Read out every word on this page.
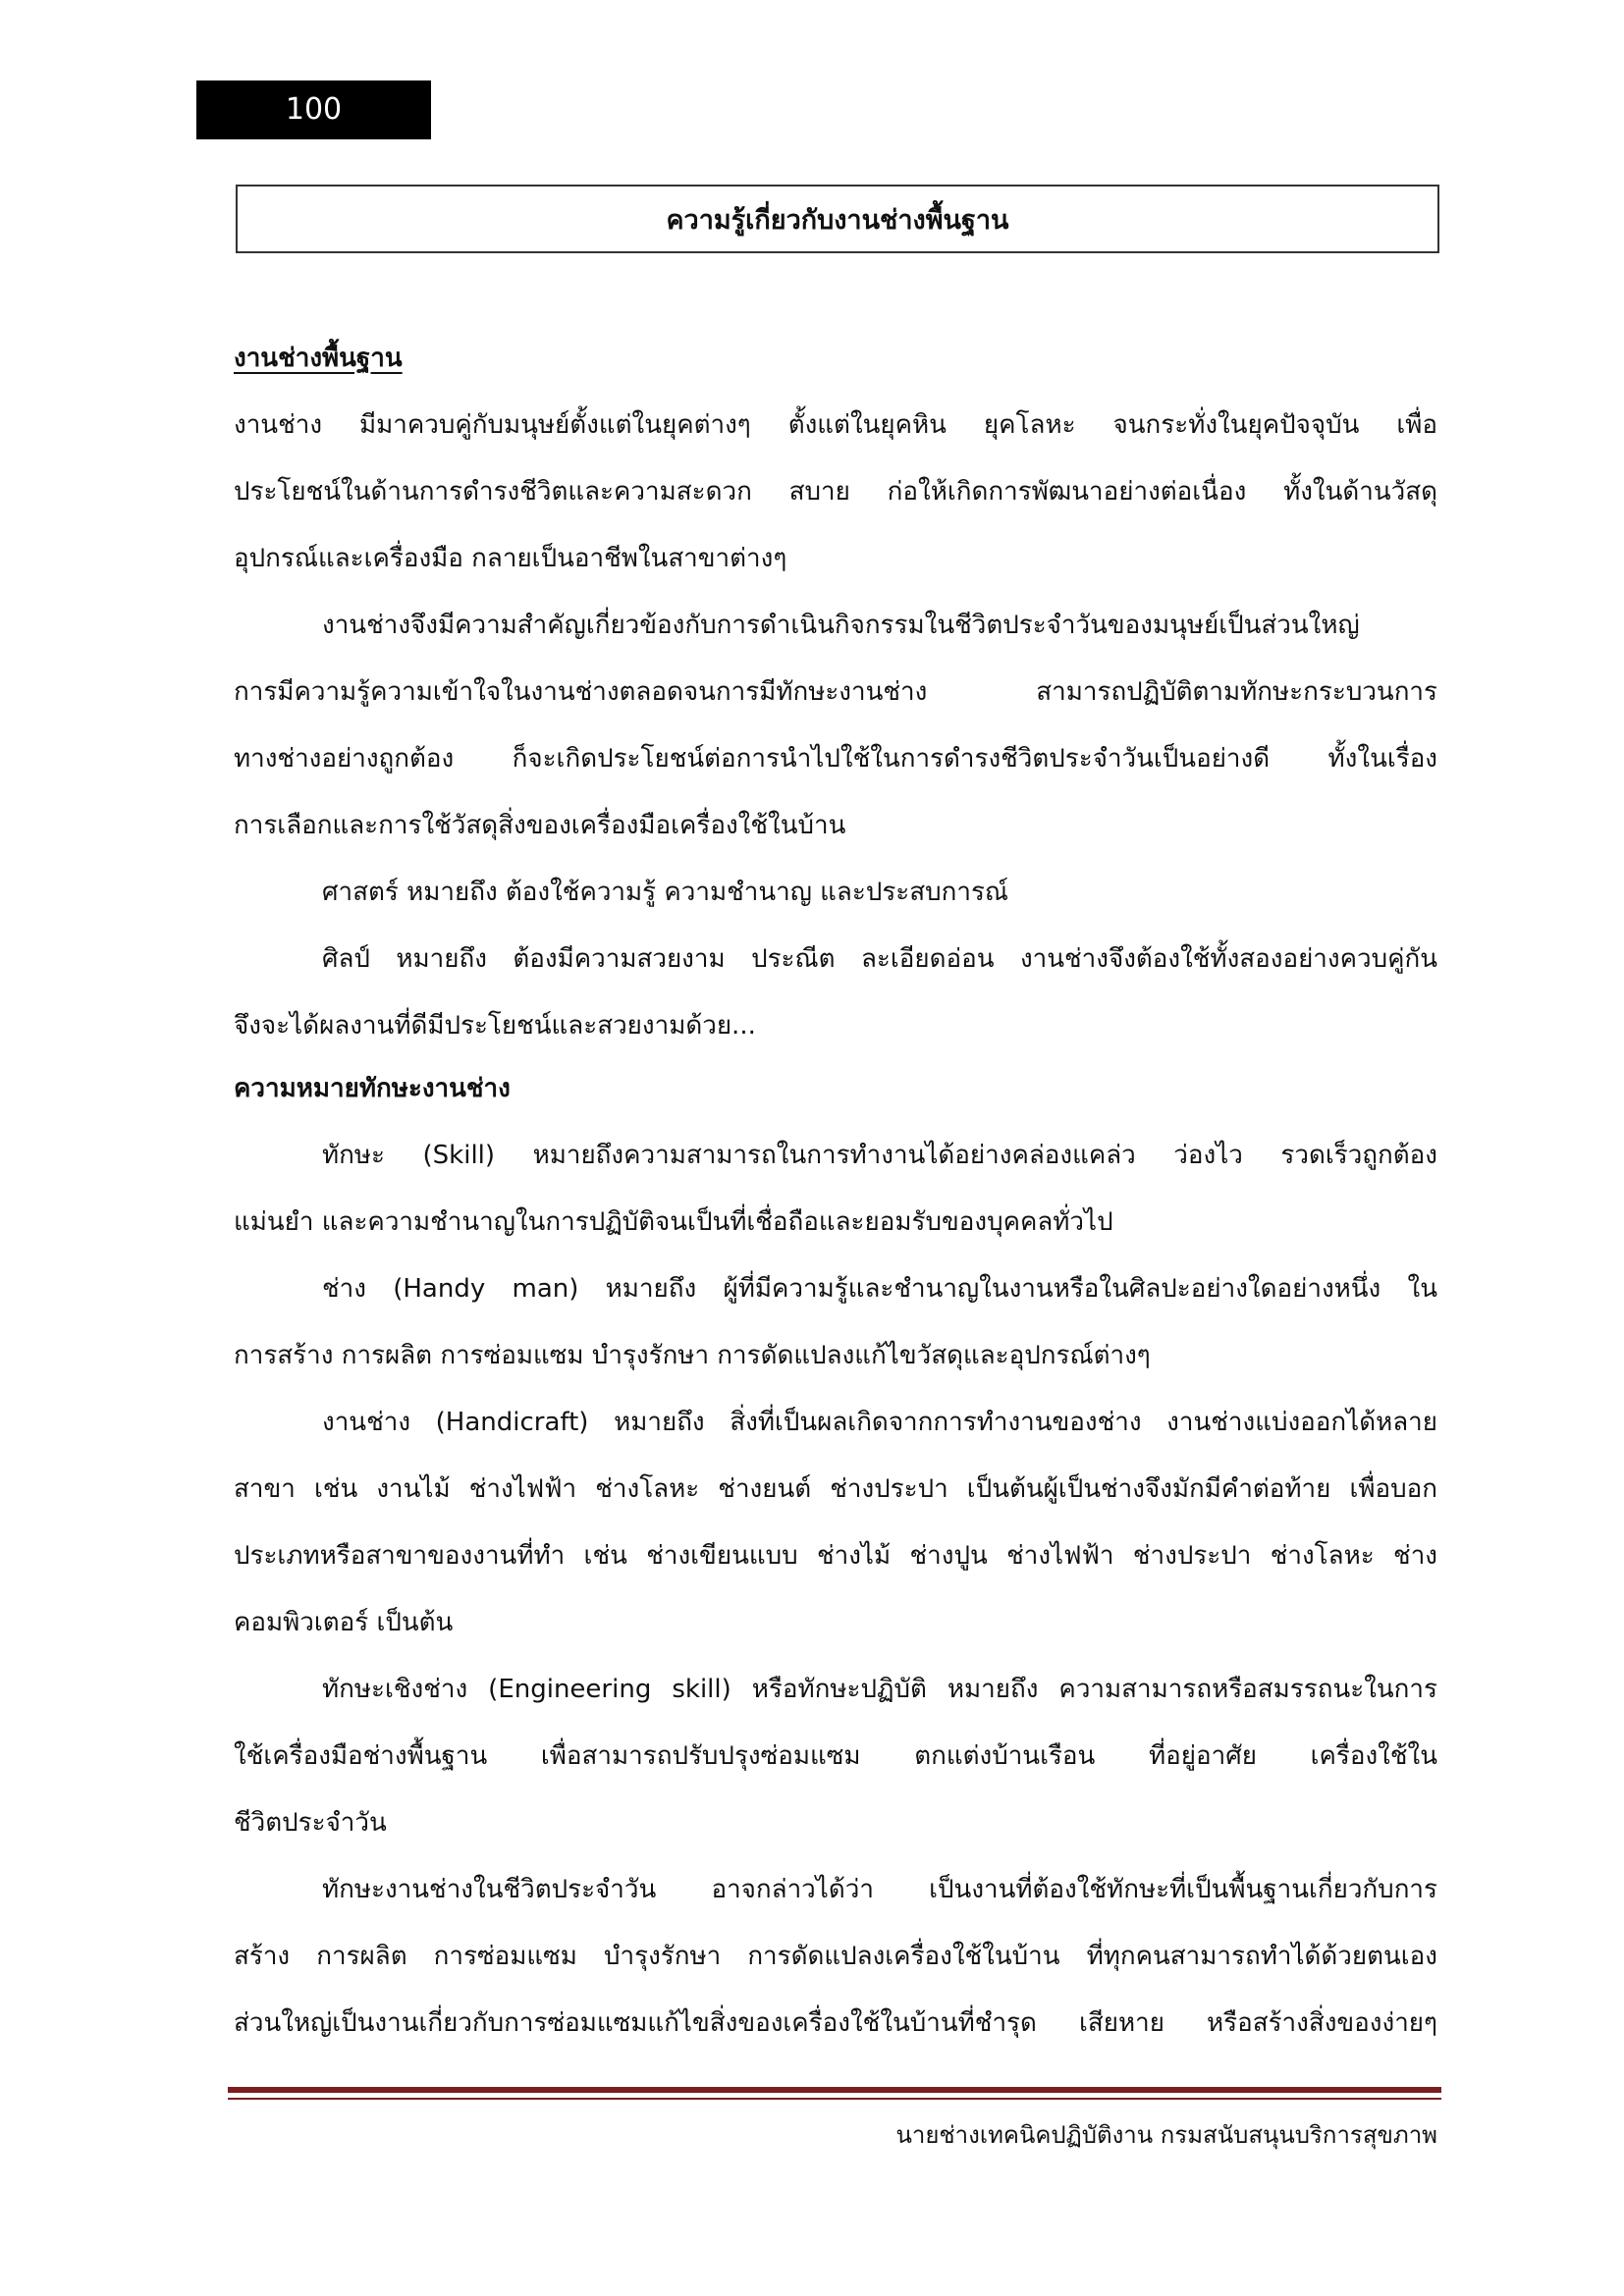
100
ความรู้เกี่ยวกับงานช่างพื้นฐาน
งานช่างพื้นฐาน
งานช่าง มีมาควบคู่กับมนุษย์ตั้งแต่ในยุคต่างๆ ตั้งแต่ในยุคหิน ยุคโลหะ จนกระทั่งในยุคปัจจุบัน เพื่อ
ประโยชน์ในด้านการดำรงชีวิตและความสะดวก สบาย ก่อให้เกิดการพัฒนาอย่างต่อเนื่อง ทั้งในด้านวัสดุ
อุปกรณ์และเครื่องมือ กลายเป็นอาชีพในสาขาต่างๆ
งานช่างจึงมีความสำคัญเกี่ยวข้องกับการดำเนินกิจกรรมในชีวิตประจำวันของมนุษย์เป็นส่วนใหญ่
การมีความรู้ความเข้าใจในงานช่างตลอดจนการมีทักษะงานช่าง สามารถปฏิบัติตามทักษะกระบวนการ
ทางช่างอย่างถูกต้อง ก็จะเกิดประโยชน์ต่อการนำไปใช้ในการดำรงชีวิตประจำวันเป็นอย่างดี ทั้งในเรื่อง
การเลือกและการใช้วัสดุสิ่งของเครื่องมือเครื่องใช้ในบ้าน
ศาสตร์ หมายถึง ต้องใช้ความรู้ ความชำนาญ และประสบการณ์
ศิลป์ หมายถึง ต้องมีความสวยงาม ประณีต ละเอียดอ่อน งานช่างจึงต้องใช้ทั้งสองอย่างควบคู่กัน
จึงจะได้ผลงานที่ดีมีประโยชน์และสวยงามด้วย...
ความหมายทักษะงานช่าง
ทักษะ (Skill) หมายถึงความสามารถในการทำงานได้อย่างคล่องแคล่ว ว่องไว รวดเร็วถูกต้อง
แม่นยำ และความชำนาญในการปฏิบัติจนเป็นที่เชื่อถือและยอมรับของบุคคลทั่วไป
ช่าง (Handy man) หมายถึง ผู้ที่มีความรู้และชำนาญในงานหรือในศิลปะอย่างใดอย่างหนึ่ง ใน
การสร้าง การผลิต การซ่อมแซม บำรุงรักษา การดัดแปลงแก้ไขวัสดุและอุปกรณ์ต่างๆ
งานช่าง (Handicraft) หมายถึง สิ่งที่เป็นผลเกิดจากการทำงานของช่าง งานช่างแบ่งออกได้หลาย
สาขา เช่น งานไม้ ช่างไฟฟ้า ช่างโลหะ ช่างยนต์ ช่างประปา เป็นต้นผู้เป็นช่างจึงมักมีคำต่อท้าย เพื่อบอก
ประเภทหรือสาขาของงานที่ทำ เช่น ช่างเขียนแบบ ช่างไม้ ช่างปูน ช่างไฟฟ้า ช่างประปา ช่างโลหะ ช่าง
คอมพิวเตอร์ เป็นต้น
ทักษะเชิงช่าง (Engineering skill) หรือทักษะปฏิบัติ หมายถึง ความสามารถหรือสมรรถนะในการ
ใช้เครื่องมือช่างพื้นฐาน เพื่อสามารถปรับปรุงซ่อมแซม ตกแต่งบ้านเรือน ที่อยู่อาศัย เครื่องใช้ใน
ชีวิตประจำวัน
ทักษะงานช่างในชีวิตประจำวัน อาจกล่าวได้ว่า เป็นงานที่ต้องใช้ทักษะที่เป็นพื้นฐานเกี่ยวกับการ
สร้าง การผลิต การซ่อมแซม บำรุงรักษา การดัดแปลงเครื่องใช้ในบ้าน ที่ทุกคนสามารถทำได้ด้วยตนเอง
ส่วนใหญ่เป็นงานเกี่ยวกับการซ่อมแซมแก้ไขสิ่งของเครื่องใช้ในบ้านที่ชำรุด เสียหาย หรือสร้างสิ่งของง่ายๆ
นายช่างเทคนิคปฏิบัติงาน กรมสนับสนุนบริการสุขภาพ
